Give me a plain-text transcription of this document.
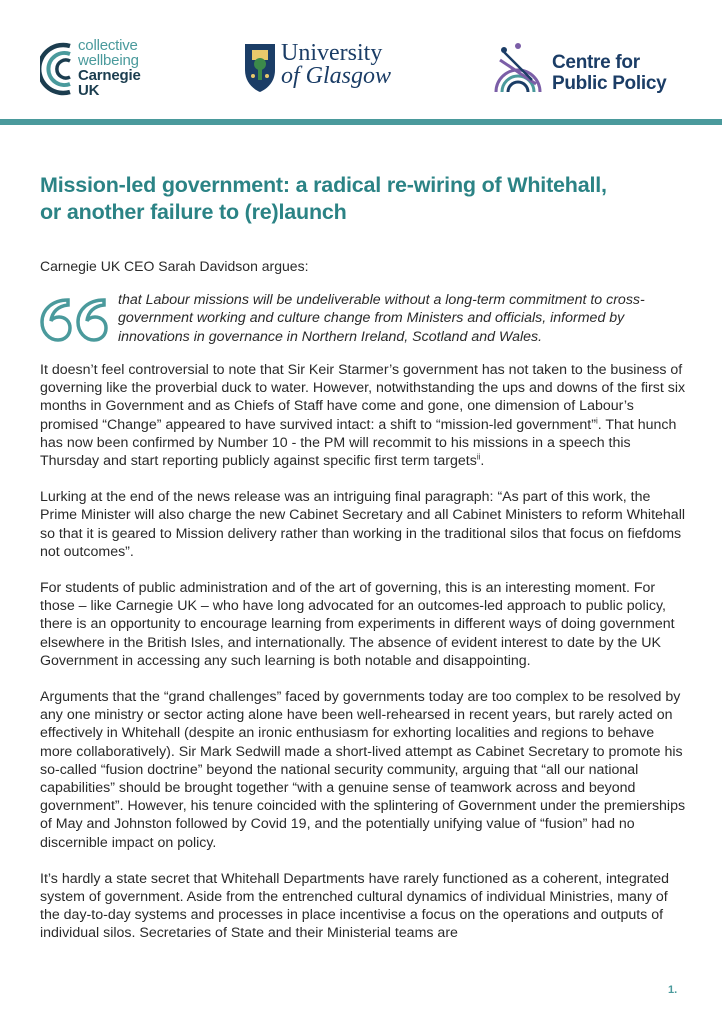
collective
wellbeing
Carnegie
UK
University
of Glasgow
Centre for
Public Policy
Mission-led government: a radical re-wiring of Whitehall,
or another failure to (re)launch

Carnegie UK CEO Sarah Davidson argues:

that Labour missions will be undeliverable without a long-term commitment to cross-government working and culture change from Ministers and officials, informed by innovations in governance in Northern Ireland, Scotland and Wales.

It doesn’t feel controversial to note that Sir Keir Starmer’s government has not taken to the business of governing like the proverbial duck to water. However, notwithstanding the ups and downs of the first six months in Government and as Chiefs of Staff have come and gone, one dimension of Labour’s promised “Change” appeared to have survived intact: a shift to “mission-led government”$^i$. That hunch has now been confirmed by Number 10 - the PM will recommit to his missions in a speech this Thursday and start reporting publicly against specific first term targets$^{ii}$.

Lurking at the end of the news release was an intriguing final paragraph: “As part of this work, the Prime Minister will also charge the new Cabinet Secretary and all Cabinet Ministers to reform Whitehall so that it is geared to Mission delivery rather than working in the traditional silos that focus on fiefdoms not outcomes”.

For students of public administration and of the art of governing, this is an interesting moment. For those – like Carnegie UK – who have long advocated for an outcomes-led approach to public policy, there is an opportunity to encourage learning from experiments in different ways of doing government elsewhere in the British Isles, and internationally. The absence of evident interest to date by the UK Government in accessing any such learning is both notable and disappointing.

Arguments that the “grand challenges” faced by governments today are too complex to be resolved by any one ministry or sector acting alone have been well-rehearsed in recent years, but rarely acted on effectively in Whitehall (despite an ironic enthusiasm for exhorting localities and regions to behave more collaboratively). Sir Mark Sedwill made a short-lived attempt as Cabinet Secretary to promote his so-called “fusion doctrine” beyond the national security community, arguing that “all our national capabilities” should be brought together “with a genuine sense of teamwork across and beyond government”. However, his tenure coincided with the splintering of Government under the premierships of May and Johnston followed by Covid 19, and the potentially unifying value of “fusion” had no discernible impact on policy.

It’s hardly a state secret that Whitehall Departments have rarely functioned as a coherent, integrated system of government. Aside from the entrenched cultural dynamics of individual Ministries, many of the day-to-day systems and processes in place incentivise a focus on the operations and outputs of individual silos. Secretaries of State and their Ministerial teams are

1.
